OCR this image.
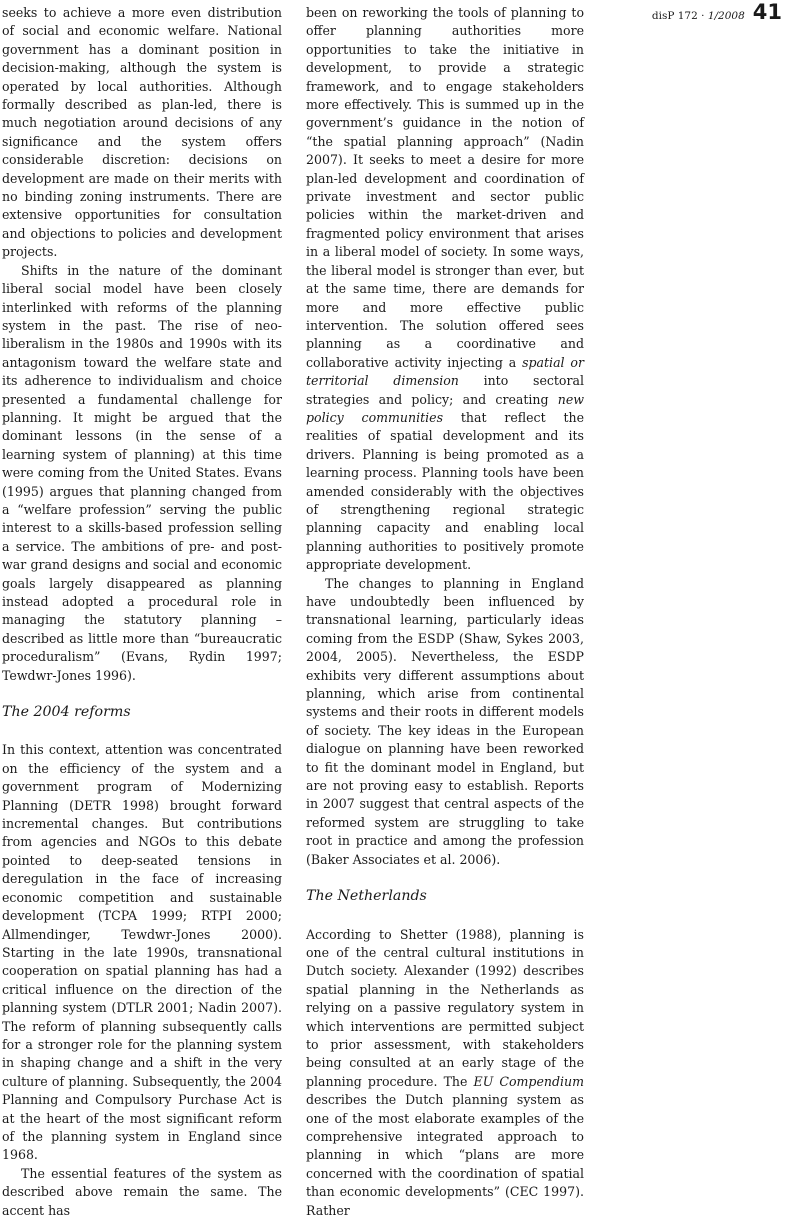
disP 172 · 1/2008 41

seeks to achieve a more even distribution of social and economic welfare. National government has a dominant position in decision-making, although the system is operated by local authorities. Although formally described as plan-led, there is much negotiation around decisions of any significance and the system offers considerable discretion: decisions on development are made on their merits with no binding zoning instruments. There are extensive opportunities for consultation and objections to policies and development projects.

Shifts in the nature of the dominant liberal social model have been closely interlinked with reforms of the planning system in the past. The rise of neo-liberalism in the 1980s and 1990s with its antagonism toward the welfare state and its adherence to individualism and choice presented a fundamental challenge for planning. It might be argued that the dominant lessons (in the sense of a learning system of planning) at this time were coming from the United States. Evans (1995) argues that planning changed from a “welfare profession” serving the public interest to a skills-based profession selling a service. The ambitions of pre- and post-war grand designs and social and economic goals largely disappeared as planning instead adopted a procedural role in managing the statutory planning – described as little more than “bureaucratic proceduralism” (Evans, Rydin 1997; Tewdwr-Jones 1996).

The 2004 reforms

In this context, attention was concentrated on the efficiency of the system and a government program of Modernizing Planning (DETR 1998) brought forward incremental changes. But contributions from agencies and NGOs to this debate pointed to deep-seated tensions in deregulation in the face of increasing economic competition and sustainable development (TCPA 1999; RTPI 2000; Allmendinger, Tewdwr-Jones 2000). Starting in the late 1990s, transnational cooperation on spatial planning has had a critical influence on the direction of the planning system (DTLR 2001; Nadin 2007). The reform of planning subsequently calls for a stronger role for the planning system in shaping change and a shift in the very culture of planning. Subsequently, the 2004 Planning and Compulsory Purchase Act is at the heart of the most significant reform of the planning system in England since 1968.

The essential features of the system as described above remain the same. The accent has

been on reworking the tools of planning to offer planning authorities more opportunities to take the initiative in development, to provide a strategic framework, and to engage stakeholders more effectively. This is summed up in the government’s guidance in the notion of “the spatial planning approach” (Nadin 2007). It seeks to meet a desire for more plan-led development and coordination of private investment and sector public policies within the market-driven and fragmented policy environment that arises in a liberal model of society. In some ways, the liberal model is stronger than ever, but at the same time, there are demands for more and more effective public intervention. The solution offered sees planning as a coordinative and collaborative activity injecting a spatial or territorial dimension into sectoral strategies and policy; and creating new policy communities that reflect the realities of spatial development and its drivers. Planning is being promoted as a learning process. Planning tools have been amended considerably with the objectives of strengthening regional strategic planning capacity and enabling local planning authorities to positively promote appropriate development.

The changes to planning in England have undoubtedly been influenced by transnational learning, particularly ideas coming from the ESDP (Shaw, Sykes 2003, 2004, 2005). Nevertheless, the ESDP exhibits very different assumptions about planning, which arise from continental systems and their roots in different models of society. The key ideas in the European dialogue on planning have been reworked to fit the dominant model in England, but are not proving easy to establish. Reports in 2007 suggest that central aspects of the reformed system are struggling to take root in practice and among the profession (Baker Associates et al. 2006).

The Netherlands

According to Shetter (1988), planning is one of the central cultural institutions in Dutch society. Alexander (1992) describes spatial planning in the Netherlands as relying on a passive regulatory system in which interventions are permitted subject to prior assessment, with stakeholders being consulted at an early stage of the planning procedure. The EU Compendium describes the Dutch planning system as one of the most elaborate examples of the comprehensive integrated approach to planning in which “plans are more concerned with the coordination of spatial than economic developments” (CEC 1997). Rather
